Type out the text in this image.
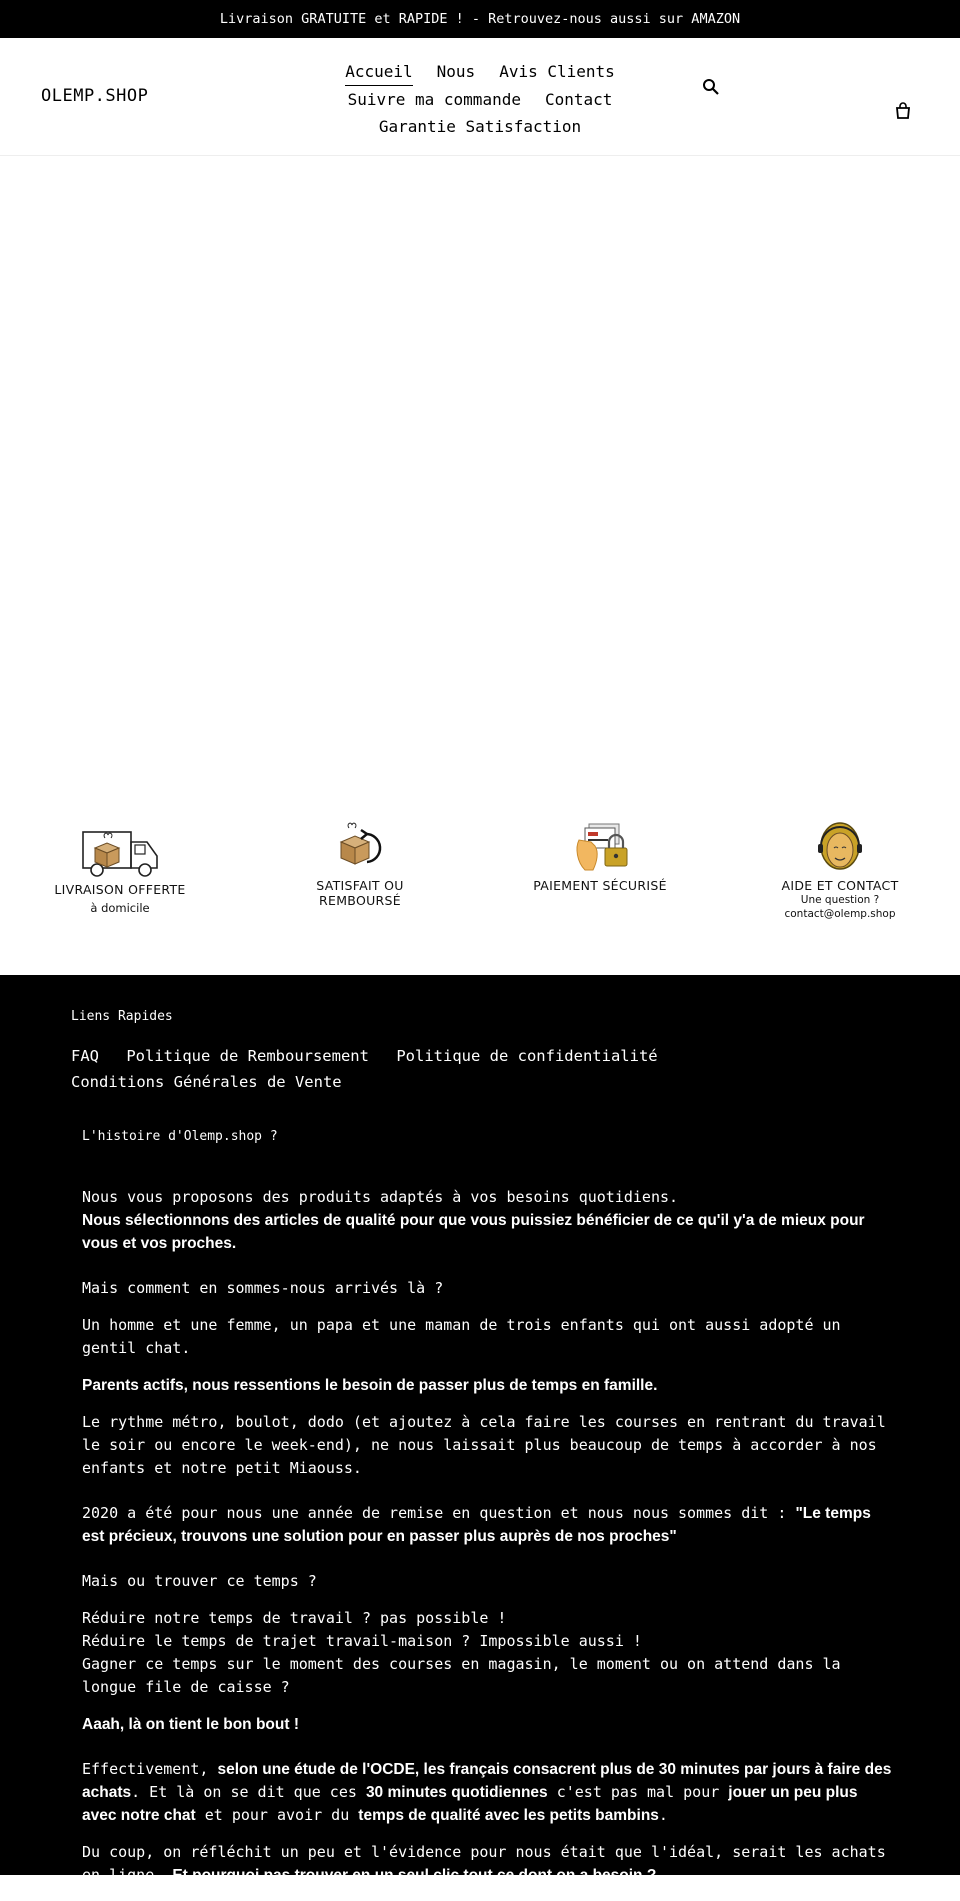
Livraison GRATUITE et RAPIDE ! - Retrouvez-nous aussi sur AMAZON
OLEMP.SHOP
Accueil Nous Avis Clients
Suivre ma commande Contact
Garantie Satisfaction
LIVRAISON OFFERTE
à domicile
SATISFAIT OU
REMBOURSÉ
PAIEMENT SÉCURISÉ	AIDE ET CONTACT
Une question ?
contact@olemp.shop
Liens Rapides
FAQ Politique de Remboursement Politique de confidentialité
Conditions Générales de Vente
L'histoire d'Olemp.shop ?

Nous vous proposons des produits adaptés à vos besoins quotidiens.
Nous sélectionnons des articles de qualité pour que vous puissiez bénéficier de ce qu'il y'a de mieux pour vous et vos proches.

Mais comment en sommes-nous arrivés là ?

Un homme et une femme, un papa et une maman de trois enfants qui ont aussi adopté un gentil chat.

Parents actifs, nous ressentions le besoin de passer plus de temps en famille.

Le rythme métro, boulot, dodo (et ajoutez à cela faire les courses en rentrant du travail le soir ou encore le week-end), ne nous laissait plus beaucoup de temps à accorder à nos enfants et notre petit Miaouss.

2020 a été pour nous une année de remise en question et nous nous sommes dit : "Le temps est précieux, trouvons une solution pour en passer plus auprès de nos proches"

Mais ou trouver ce temps ?

Réduire notre temps de travail ? pas possible !
Réduire le temps de trajet travail-maison ? Impossible aussi !
Gagner ce temps sur le moment des courses en magasin, le moment ou on attend dans la longue file de caisse ?

Aaah, là on tient le bon bout !

Effectivement, selon une étude de l'OCDE, les français consacrent plus de 30 minutes par jours à faire des achats. Et là on se dit que ces 30 minutes quotidiennes c'est pas mal pour jouer un peu plus avec notre chat et pour avoir du temps de qualité avec les petits bambins.

Du coup, on réfléchit un peu et l'évidence pour nous était que l'idéal, serait les achats en ligne. Et pourquoi pas trouver en un seul clic tout ce dont on a besoin ?
